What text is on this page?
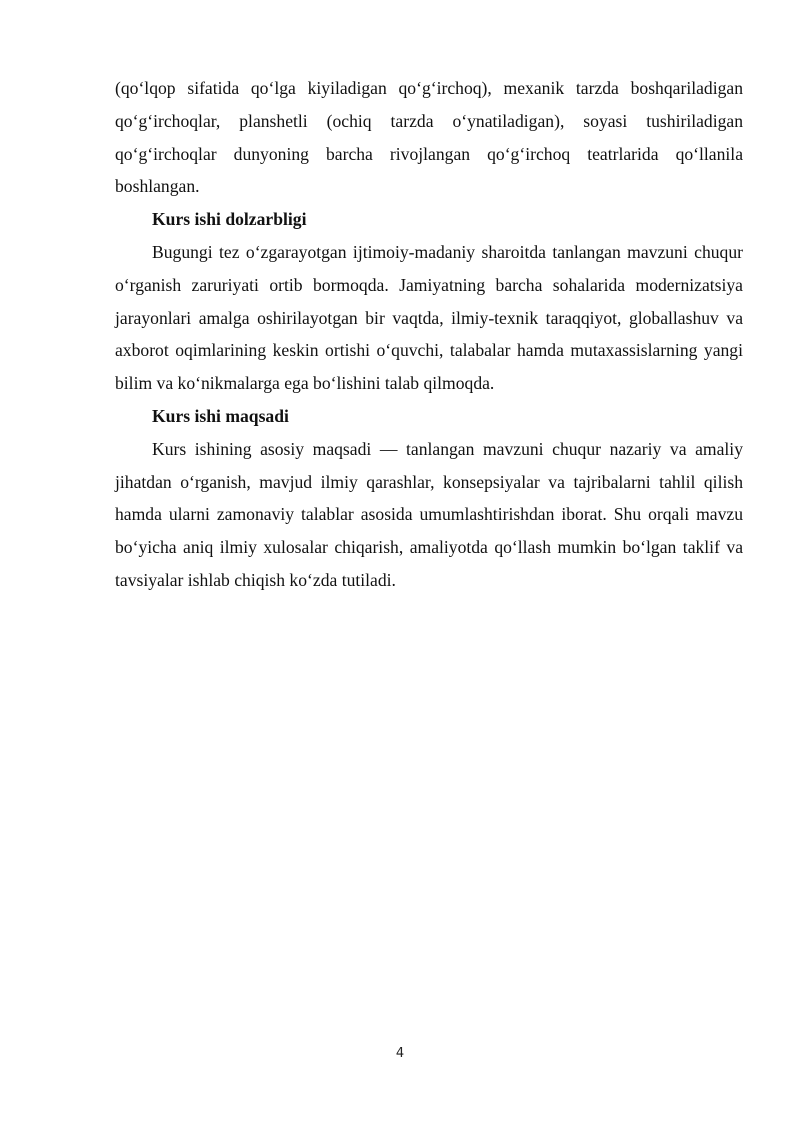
(qo‘lqop sifatida qo‘lga kiyiladigan qo‘g‘irchoq), mexanik tarzda boshqariladigan qo‘g‘irchoqlar, planshetli (ochiq tarzda o‘ynatiladigan), soyasi tushiriladigan qo‘g‘irchoqlar dunyoning barcha rivojlangan qo‘g‘irchoq teatrlarida qo‘llanila boshlangan.

Kurs ishi dolzarbligi

Bugungi tez o‘zgarayotgan ijtimoiy-madaniy sharoitda tanlangan mavzuni chuqur o‘rganish zaruriyati ortib bormoqda. Jamiyatning barcha sohalarida modernizatsiya jarayonlari amalga oshirilayotgan bir vaqtda, ilmiy-texnik taraqqiyot, globallashuv va axborot oqimlarining keskin ortishi o‘quvchi, talabalar hamda mutaxassislarning yangi bilim va ko‘nikmalarga ega bo‘lishini talab qilmoqda.

Kurs ishi maqsadi

Kurs ishining asosiy maqsadi — tanlangan mavzuni chuqur nazariy va amaliy jihatdan o‘rganish, mavjud ilmiy qarashlar, konsepsiyalar va tajribalarni tahlil qilish hamda ularni zamonaviy talablar asosida umumlashtirishdan iborat. Shu orqali mavzu bo‘yicha aniq ilmiy xulosalar chiqarish, amaliyotda qo‘llash mumkin bo‘lgan taklif va tavsiyalar ishlab chiqish ko‘zda tutiladi.

4
